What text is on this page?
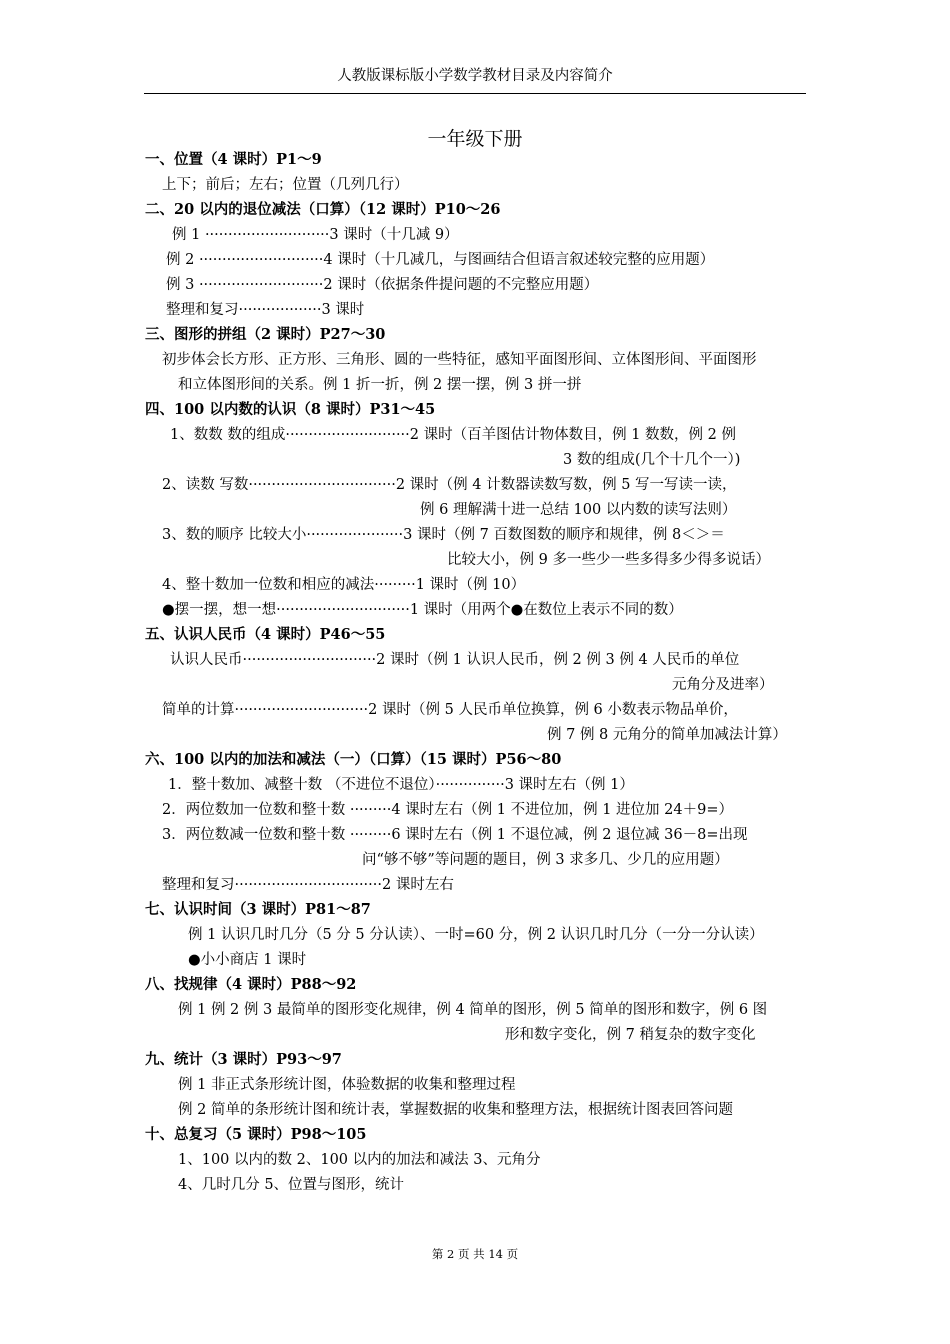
人教版课标版小学数学教材目录及内容简介
一年级下册
一、位置（4 课时）P1～9
上下；前后；左右；位置（几列几行）
二、20 以内的退位减法（口算）（12 课时）P10～26
例 1 ···························3 课时（十几减 9）
例 2 ···························4 课时（十几减几，与图画结合但语言叙述较完整的应用题）
例 3 ···························2 课时（依据条件提问题的不完整应用题）
整理和复习··················3 课时
三、图形的拼组（2 课时）P27～30
初步体会长方形、正方形、三角形、圆的一些特征，感知平面图形间、立体图形间、平面图形
和立体图形间的关系。例 1 折一折，例 2 摆一摆，例 3 拼一拼
四、100 以内数的认识（8 课时）P31～45
1、数数 数的组成···························2 课时（百羊图估计物体数目，例 1 数数，例 2 例
3 数的组成(几个十几个一）)
2、读数 写数································2 课时（例 4 计数器读数写数，例 5 写一写读一读，
例 6 理解满十进一总结 100 以内数的读写法则）
3、数的顺序 比较大小·····················3 课时（例 7 百数图数的顺序和规律，例 8＜＞＝
比较大小，例 9 多一些少一些多得多少得多说话）
4、整十数加一位数和相应的减法·········1 课时（例 10）
●摆一摆，想一想·····························1 课时（用两个●在数位上表示不同的数）
五、认识人民币（4 课时）P46～55
认识人民币·····························2 课时（例 1 认识人民币，例 2 例 3 例 4 人民币的单位
元角分及进率）
简单的计算·····························2 课时（例 5 人民币单位换算，例 6 小数表示物品单价，
例 7 例 8 元角分的简单加减法计算）
六、100 以内的加法和减法（一）（口算）（15 课时）P56～80
1．整十数加、减整十数 （不进位不退位）···············3 课时左右（例 1）
2．两位数加一位数和整十数 ·········4 课时左右（例 1 不进位加，例 1 进位加 24＋9=）
3．两位数减一位数和整十数 ·········6 课时左右（例 1 不退位减，例 2 退位减 36－8=出现
问“够不够”等问题的题目，例 3 求多几、少几的应用题）
整理和复习································2 课时左右
七、认识时间（3 课时）P81～87
例 1 认识几时几分（5 分 5 分认读）、一时=60 分，例 2 认识几时几分（一分一分认读）
●小小商店 1 课时
八、找规律（4 课时）P88～92
例 1 例 2 例 3 最简单的图形变化规律，例 4 简单的图形，例 5 简单的图形和数字，例 6 图
形和数字变化，例 7 稍复杂的数字变化
九、统计（3 课时）P93～97
例 1 非正式条形统计图，体验数据的收集和整理过程
例 2 简单的条形统计图和统计表，掌握数据的收集和整理方法，根据统计图表回答问题
十、总复习（5 课时）P98～105
1、100 以内的数 2、100 以内的加法和减法 3、元角分
4、几时几分 5、位置与图形，统计
第 2 页 共 14 页
